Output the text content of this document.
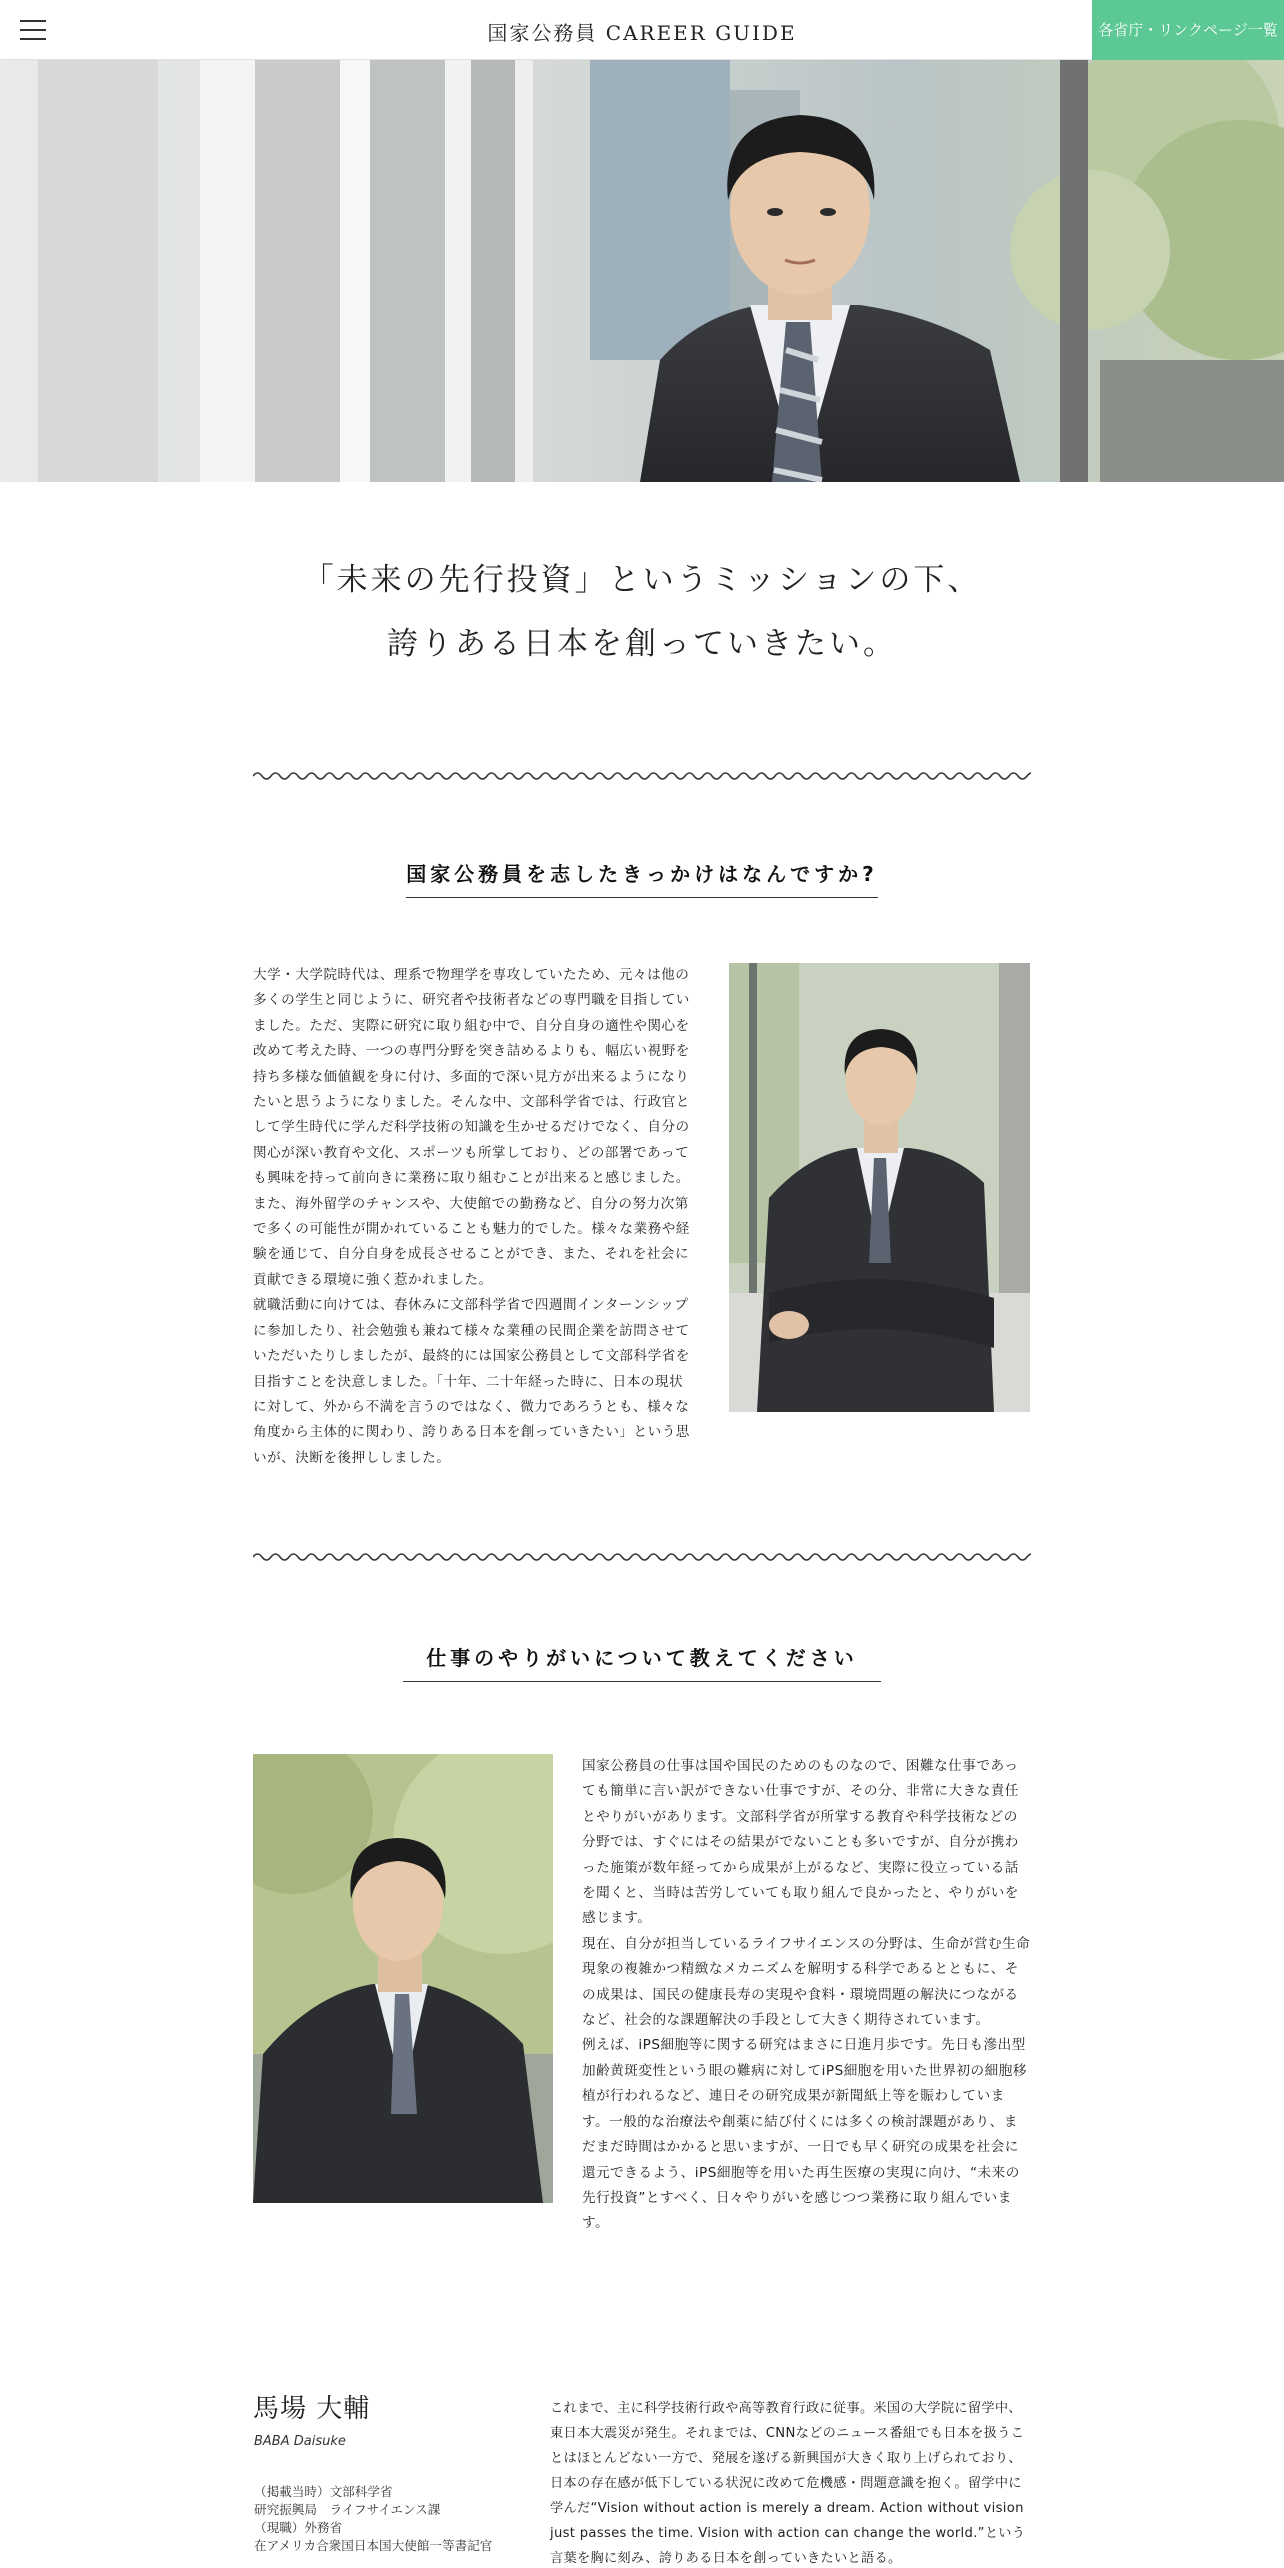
国家公務員 CAREER GUIDE	各省庁・リンクページ一覧
「未来の先行投資」というミッションの下、
誇りある日本を創っていきたい。
国家公務員を志したきっかけはなんですか?

大学・大学院時代は、理系で物理学を専攻していたため、元々は他の多くの学生と同じように、研究者や技術者などの専門職を目指していました。ただ、実際に研究に取り組む中で、自分自身の適性や関心を改めて考えた時、一つの専門分野を突き詰めるよりも、幅広い視野を持ち多様な価値観を身に付け、多面的で深い見方が出来るようになりたいと思うようになりました。そんな中、文部科学省では、行政官として学生時代に学んだ科学技術の知識を生かせるだけでなく、自分の関心が深い教育や文化、スポーツも所掌しており、どの部署であっても興味を持って前向きに業務に取り組むことが出来ると感じました。また、海外留学のチャンスや、大使館での勤務など、自分の努力次第で多くの可能性が開かれていることも魅力的でした。様々な業務や経験を通じて、自分自身を成長させることができ、また、それを社会に貢献できる環境に強く惹かれました。

就職活動に向けては、春休みに文部科学省で四週間インターンシップに参加したり、社会勉強も兼ねて様々な業種の民間企業を訪問させていただいたりしましたが、最終的には国家公務員として文部科学省を目指すことを決意しました。「十年、二十年経った時に、日本の現状に対して、外から不満を言うのではなく、微力であろうとも、様々な角度から主体的に関わり、誇りある日本を創っていきたい」という思いが、決断を後押ししました。

仕事のやりがいについて教えてください

国家公務員の仕事は国や国民のためのものなので、困難な仕事であっても簡単に言い訳ができない仕事ですが、その分、非常に大きな責任とやりがいがあります。文部科学省が所掌する教育や科学技術などの分野では、すぐにはその結果がでないことも多いですが、自分が携わった施策が数年経ってから成果が上がるなど、実際に役立っている話を聞くと、当時は苦労していても取り組んで良かったと、やりがいを感じます。

現在、自分が担当しているライフサイエンスの分野は、生命が営む生命現象の複雑かつ精緻なメカニズムを解明する科学であるとともに、その成果は、国民の健康長寿の実現や食料・環境問題の解決につながるなど、社会的な課題解決の手段として大きく期待されています。

例えば、iPS細胞等に関する研究はまさに日進月歩です。先日も滲出型加齢黄斑変性という眼の難病に対してiPS細胞を用いた世界初の細胞移植が行われるなど、連日その研究成果が新聞紙上等を賑わしています。一般的な治療法や創薬に結び付くには多くの検討課題があり、まだまだ時間はかかると思いますが、一日でも早く研究の成果を社会に還元できるよう、iPS細胞等を用いた再生医療の実現に向け、“未来の先行投資”とすべく、日々やりがいを感じつつ業務に取り組んでいます。

馬場 大輔
BABA Daisuke
（掲載当時）文部科学省
研究振興局　ライフサイエンス課
（現職）外務省
在アメリカ合衆国日本国大使館一等書記官
これまで、主に科学技術行政や高等教育行政に従事。米国の大学院に留学中、東日本大震災が発生。それまでは、CNNなどのニュース番組でも日本を扱うことはほとんどない一方で、発展を遂げる新興国が大きく取り上げられており、日本の存在感が低下している状況に改めて危機感・問題意識を抱く。留学中に学んだ“Vision without action is merely a dream. Action without vision just passes the time. Vision with action can change the world.”という言葉を胸に刻み、誇りある日本を創っていきたいと語る。
